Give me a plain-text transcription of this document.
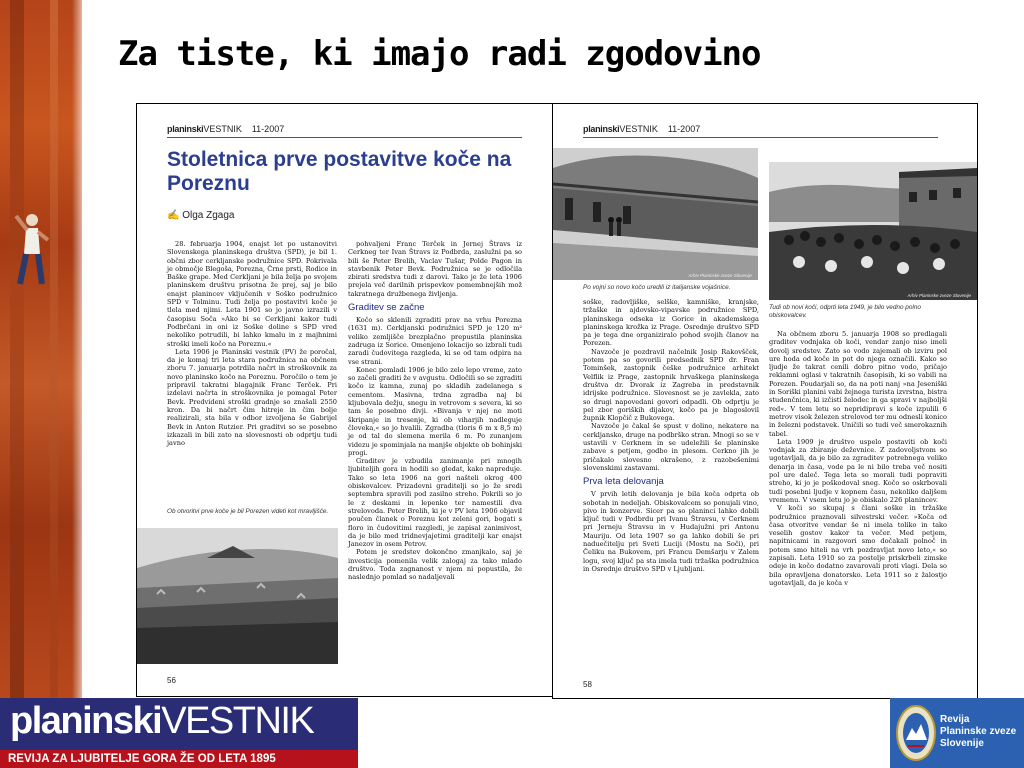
Za tiste, ki imajo radi zgodovino
planinskiVESTNIK 11-2007
Stoletnica prve postavitve koče na Poreznu
✍ Olga Zgaga

28. februarja 1904, enajst let po ustanovitvi Slovenskega planinskega društva (SPD), je bil 1. občni zbor cerkljanske podružnice SPD. Pokrivala je območje Blegoša, Porezna, Črne prsti, Rodice in Baške grape. Med Cerkljani je bila želja po svojem planinskem društvu prisotna že prej, saj je bilo enajst planincev vključenih v Soško podružnico SPD v Tolminu. Tudi želja po postavitvi koče je tlela med njimi. Leta 1901 so jo javno izrazili v časopisu Soča »Ako bi se Cerkljani kakor tudi Podbrčani in oni iz Soške doline s SPD vred nekoliko potrudili, bi lahko kmalu in z majhnimi stroški imeli kočo na Poreznu.«

Leta 1906 je Planinski vestnik (PV) že poročal, da je komaj tri leta stara podružnica na občnem zboru 7. januarja potrdila načrt in stroškovnik za novo planinsko kočo na Poreznu. Poročilo o tem je pripravil takratni blagajnik Franc Terček. Pri izdelavi načrta in stroškovnika je pomagal Peter Bevk. Predvideni stroški gradnje so znašali 2550 kron. Da bi načrt čim hitreje in čim bolje realizirali, sta bila v odbor izvoljena še Gabrijel Bevk in Anton Rutzier. Pri graditvi so se posebno izkazali in bili zato na slovesnosti ob odprtju tudi javno

Ob otvoritvi prve koče je bil Porezen videti kot mravljišče.

pohvaljeni Franc Terček in Jernej Štravs iz Cerkneg ter Ivan Štravs iz Podbrda, zaslužni pa so bili še Peter Brelih, Vaclav Tušar, Polde Pagon in stavbenik Peter Bevk. Podružnica se je odločila zbirati sredstva tudi z darovi. Tako je že leta 1906 prejela več darilnih prispevkov pomembnejših mož takratnega družbenega življenja.

Graditev se začne

Kočo so sklenili zgraditi prav na vrhu Porezna (1631 m). Cerkljanski podružnici SPD je 120 m² veliko zemljišče brezplačno prepustila planinska zadruga iz Sorice. Omenjeno lokacijo so izbrali tudi zaradi čudovitega razgleda, ki se od tam odpira na vse strani.

Konec pomladi 1906 je bilo zelo lepo vreme, zato so začeli graditi že v avgustu. Odločili so se zgraditi kočo iz kamna, zunaj po skladih zadelanega s cementom. Masivna, trdna zgradba naj bi kljubovala dežju, snegu in vetrovom s severa, ki so tam še posebno divji. »Bivanja v njej ne moti škripanje in tresenje, ki ob viharjih nadleguje človeka,« so jo hvalili. Zgradba (tloris 6 m x 8,5 m) je od tal do slemena merila 6 m. Po zunanjem videzu je spominjala na manjše objekte ob bohinjski progi.

Graditev je vzbudila zanimanje pri mnogih ljubiteljih gora in hodili so gledat, kako napreduje. Tako so leta 1906 na gori našteli okrog 400 obiskovalcev. Prizadevni graditelji so jo že sredi septembra spravili pod zasilno streho. Pokrili so jo le z deskami in lepenko ter namestili dva strelovoda. Peter Brelih, ki je v PV leta 1906 objavil poučen članek o Poreznu kot zeleni gori, bogati s floro in čudovitimi razgledi, je zapisal zanimivost, da je bilo med tridnevjajetimi graditelji kar enajst Janezov in osem Petrov.

Potem je sredstev dokončno zmanjkalo, saj je investicija pomenila velik zalogaj za tako mlado društvo. Toda zagnanost v njem ni popustila, že naslednjo pomlad so nadaljevali

56
planinskiVESTNIK 11-2007
Arhiv Planinske zveze Slovenije
Po vojni so novo kočo uredili iz italijanske vojašnice.
Arhiv Planinske zveze Slovenije
Tudi ob novi koči, odprti leta 1949, je bilo vedno polno obiskovalcev.

soške, radovljiške, selške, kamniške, kranjske, tržaške in ajdovsko-vipavske podružnice SPD, planinskega odseka iz Gorice in akademskega planinskega krožka iz Prage. Osrednje društvo SPD pa je tega dne organiziralo pohod svojih članov na Porezen.

Navzoče je pozdravil načelnik Josip Rakovšček, potem pa so govorili predsednik SPD dr. Fran Tominšek, zastopnik češke podružnice arhitekt Velflik iz Prage, zastopnik hrvaškega planinskega društva dr. Dvorak iz Zagreba in predstavnik idrijske podružnice. Slovesnost se je zavlekla, zato so drugi napovedani govori odpadli. Ob odprtju je pel zbor goriških dijakov, kočo pa je blagoslovil župnik Klopčič z Bukovega.

Navzoče je čakal še spust v dolino, nekatere na cerkljansko, druge na podbrško stran. Mnogi so se v ustavili v Cerknem in se udeležili še planinske zabave s petjem, godbo in plesom. Cerkno jih je pričakalo slovesno okrašeno, z razobešenimi slovenskimi zastavami.

Prva leta delovanja

V prvih letih delovanja je bila koča odprta ob sobotah in nedeljah. Obiskovalcem so ponujali vino, pivo in konzerve. Sicer pa so planinci lahko dobili ključ tudi v Podbrdu pri Ivanu Štravsu, v Cerknem pri Jerneju Štravsu in v Hudajužni pri Antonu Mauriju. Od leta 1907 so ga lahko dobili še pri naduečitelju pri Sveti Luciji (Mostu na Soči), pri Čeliku na Bukovem, pri Francu Demšarju v Zalem logu, svoj ključ pa sta imela tudi tržaška podružnica in Osrednje društvo SPD v Ljubljani.

Na občnem zboru 5. januarja 1908 so predlagali graditev vodnjaka ob koči, vendar zanjo niso imeli dovolj sredstev. Zato so vodo zajemali ob izviru pol ure hoda od koče in pot do njega označili. Kako so ljudje že takrat cenili dobro pitno vodo, pričajo reklamni oglasi v takratnih časopisih, ki so vabili na Porezen. Poudarjali so, da na poti nanj »na Jeseniški in Soriški planini vabi žejnega turista izvrstna, bistra studenčnica, ki izčisti želodec in ga spravi v najboljši red«. V tem letu so nepridipravi s koče izpulili 6 metrov visok železen strelovod ter mu odnesli konico in železni podstavek. Uničili so tudi več smerokaznih tabel.

Leta 1909 je društvo uspelo postaviti ob koči vodnjak za zbiranje deževnice. Z zadovoljstvom so ugotavljali, da je bilo za zgraditev potrebnega veliko denarja in časa, vode pa le ni bilo treba več nositi pol ure daleč. Tega leta so morali tudi popraviti streho, ki jo je poškodoval sneg. Kočo so oskrbovali tudi posebni ljudje v kopnem času, nekoliko daljšem vremenu. V vsem letu jo je obiskalo 226 planincev.

V koči so skupaj s člani soške in tržaške podružnice praznovali silvestrski večer. »Koča od časa otvoritve vendar še ni imela toliko in tako veselih gostov kakor ta večer. Med petjem, napitnicami in razgovori smo dočakali polnoč in potem smo hiteli na vrh pozdravljat novo leto,« so zapisali. Leta 1910 so za postelje priskrbeli zimske odeje in kočo dodatno zavarovali proti vlagi. Dela so bila opravljena donatorsko. Leta 1911 so z žalostjo ugotavljali, da je koča v

58
planinskiVESTNIK
REVIJA ZA LJUBITELJE GORA ŽE OD LETA 1895
Revija
Planinske zveze
Slovenije
